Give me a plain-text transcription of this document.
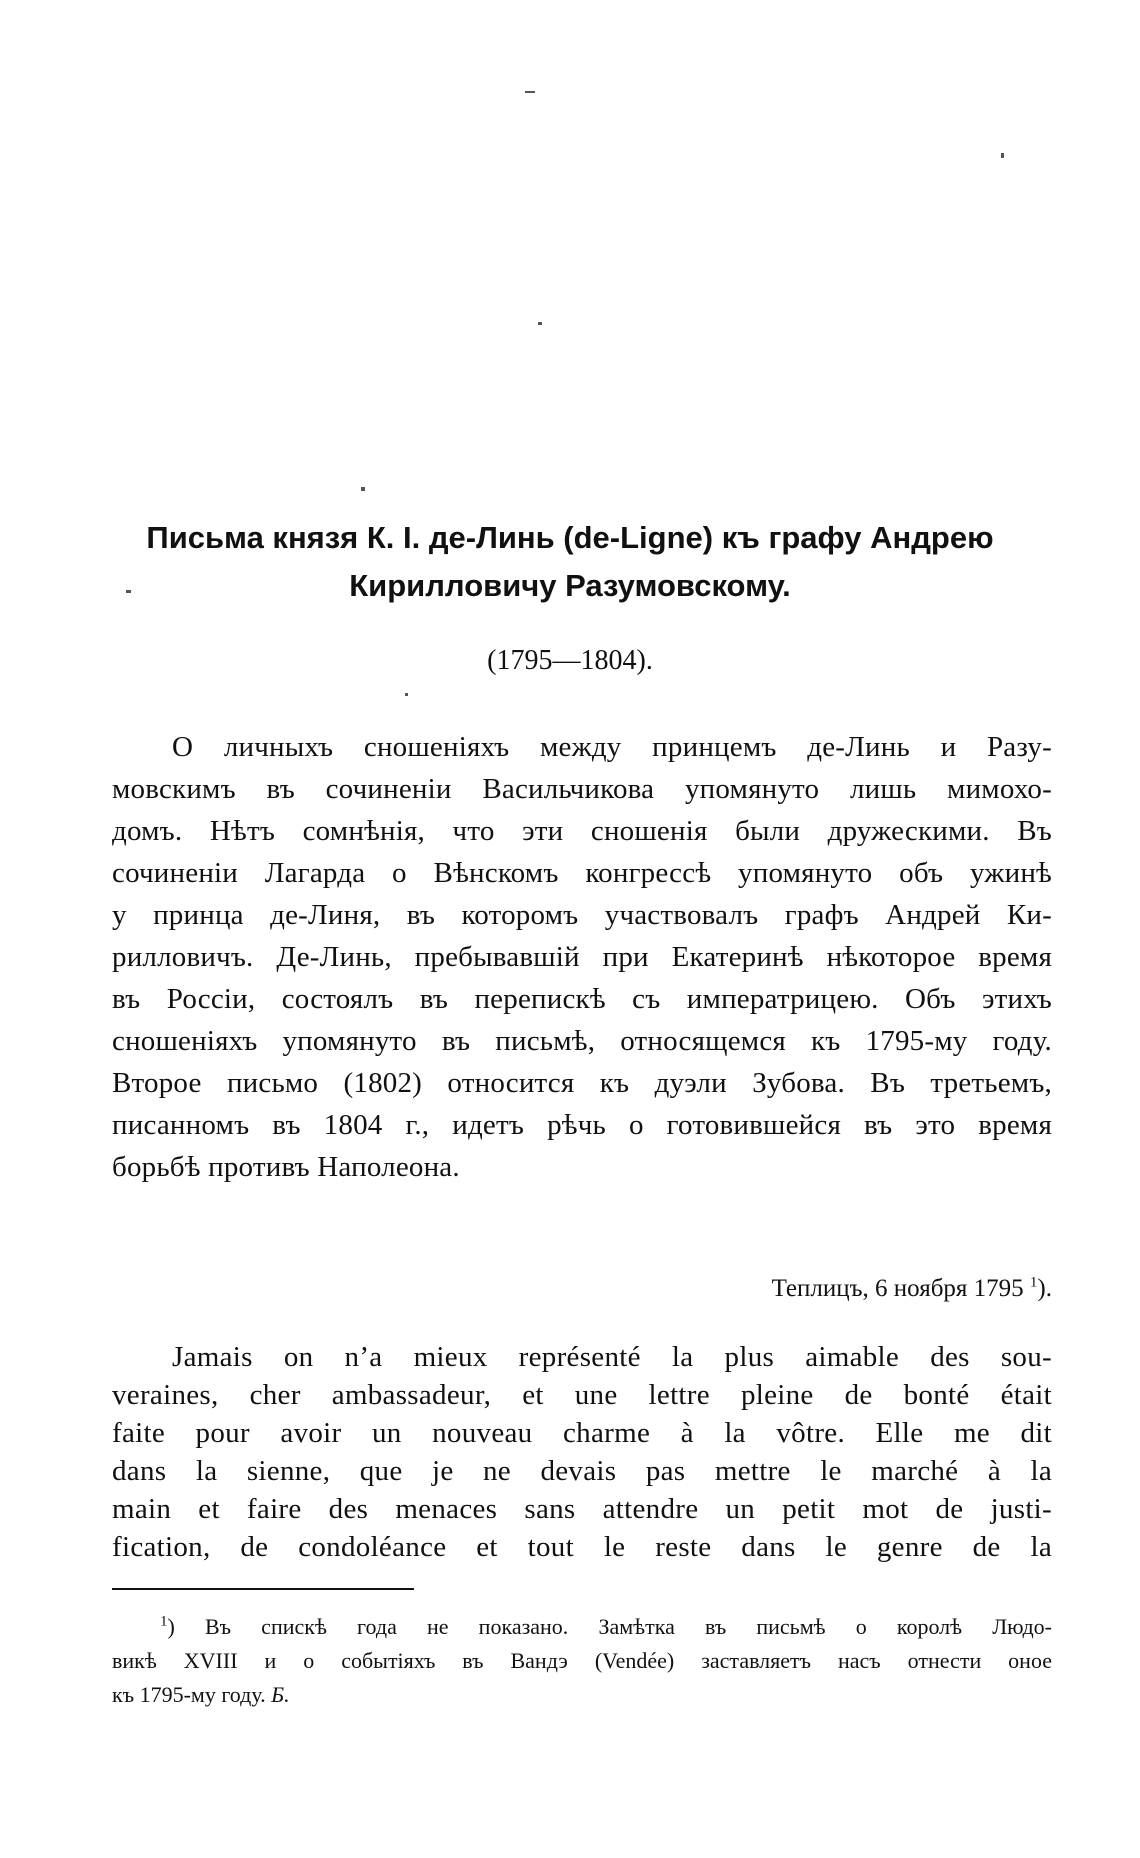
Письма князя К. І. де-Линь (de-Ligne) къ графу Андрею
Кирилловичу Разумовскому.
(1795—1804).
О личныхъ сношеніяхъ между принцемъ де-Линь и Разу-
мовскимъ въ сочиненіи Васильчикова упомянуто лишь мимохо-
домъ. Нѣтъ сомнѣнія, что эти сношенія были дружескими. Въ
сочиненіи Лагарда о Вѣнскомъ конгрессѣ упомянуто объ ужинѣ
у принца де-Линя, въ которомъ участвовалъ графъ Андрей Ки-
рилловичъ. Де-Линь, пребывавшій при Екатеринѣ нѣкоторое время
въ Россіи, состоялъ въ перепискѣ съ императрицею. Объ этихъ
сношеніяхъ упомянуто въ письмѣ, относящемся къ 1795-му году.
Второе письмо (1802) относится къ дуэли Зубова. Въ третьемъ,
писанномъ въ 1804 г., идетъ рѣчь о готовившейся въ это время
борьбѣ противъ Наполеона.
Теплицъ, 6 ноября 1795 $^1$).
Jamais on n’a mieux représenté la plus aimable des sou-
veraines, cher ambassadeur, et une lettre pleine de bonté était
faite pour avoir un nouveau charme à la vôtre. Elle me dit
dans la sienne, que je ne devais pas mettre le marché à la
main et faire des menaces sans attendre un petit mot de justi-
fication, de condoléance et tout le reste dans le genre de la
$^1$) Въ спискѣ года не показано. Замѣтка въ письмѣ о королѣ Людо-
викѣ XVIII и о событіяхъ въ Вандэ (Vendée) заставляетъ насъ отнести оное
къ 1795-му году. Б.
